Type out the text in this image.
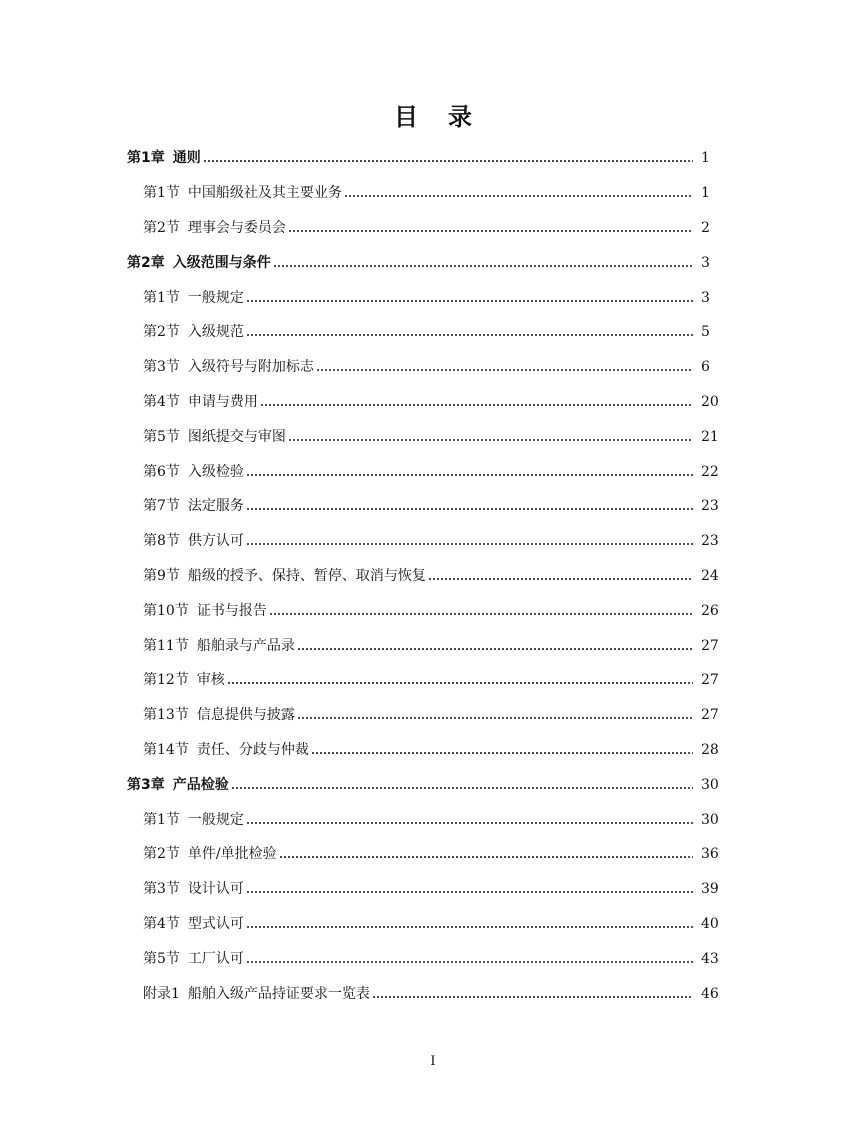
目录
第1章 通则	1
第1节 中国船级社及其主要业务	1
第2节 理事会与委员会	2
第2章 入级范围与条件	3
第1节 一般规定	3
第2节 入级规范	5
第3节 入级符号与附加标志	6
第4节 申请与费用	20
第5节 图纸提交与审图	21
第6节 入级检验	22
第7节 法定服务	23
第8节 供方认可	23
第9节 船级的授予、保持、暂停、取消与恢复	24
第10节 证书与报告	26
第11节 船舶录与产品录	27
第12节 审核	27
第13节 信息提供与披露	27
第14节 责任、分歧与仲裁	28
第3章 产品检验	30
第1节 一般规定	30
第2节 单件/单批检验	36
第3节 设计认可	39
第4节 型式认可	40
第5节 工厂认可	43
附录1 船舶入级产品持证要求一览表	46
I
